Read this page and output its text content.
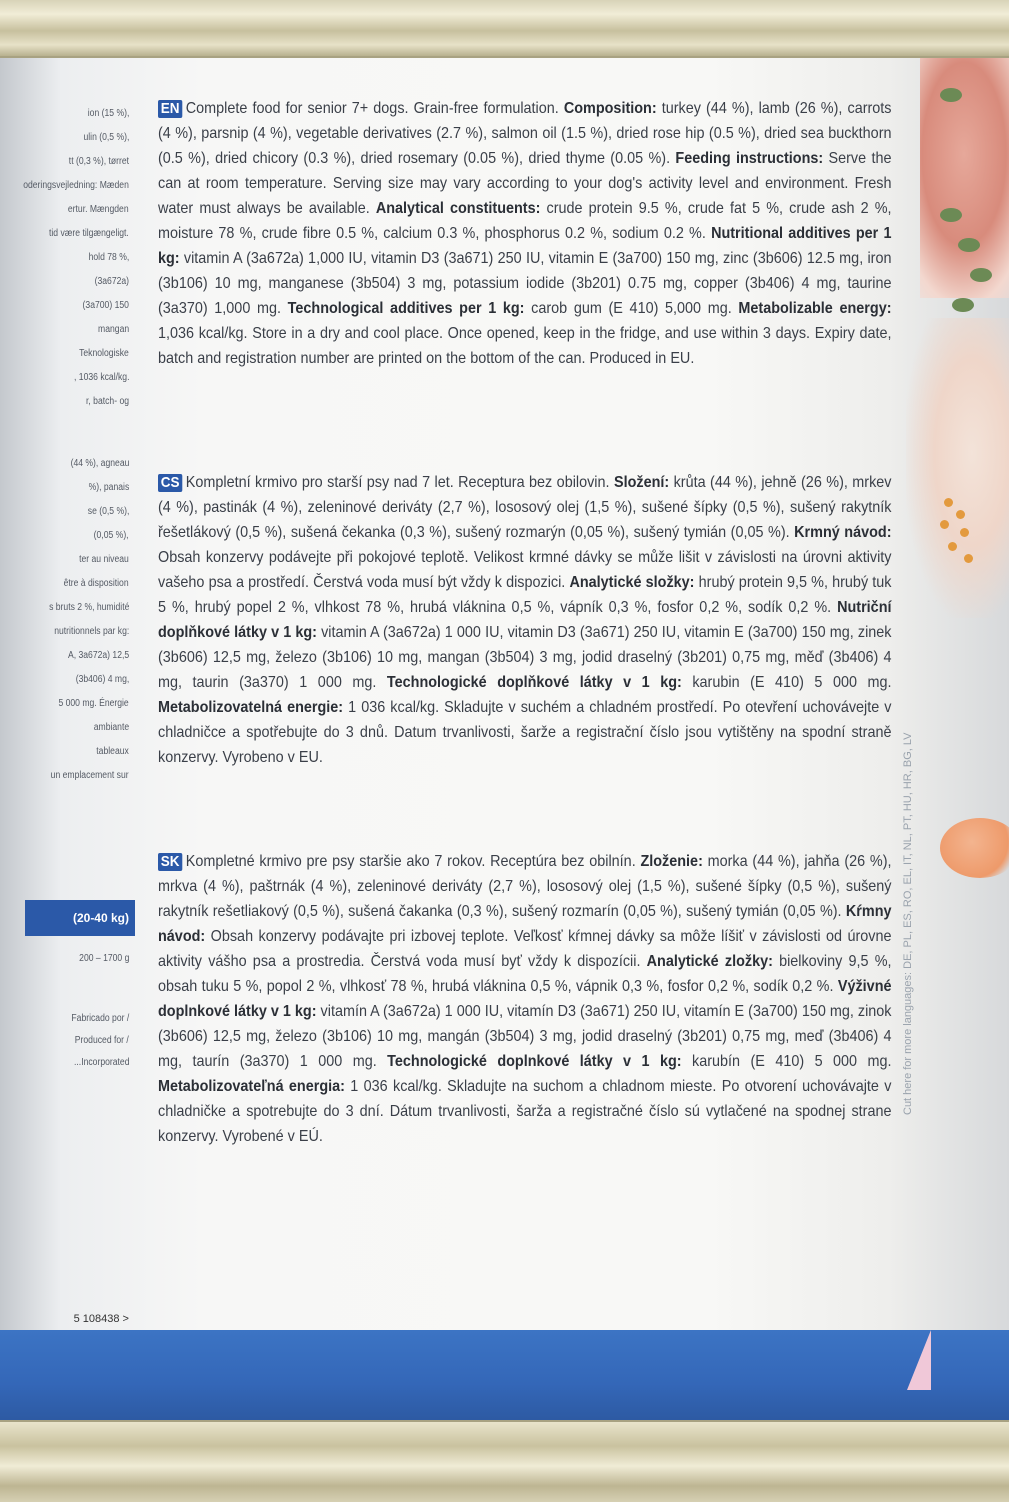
(20-40 kg)
ion (15 %),
ulin (0,5 %),
tt (0,3 %), tørret
oderingsvejledning: Mæden
ertur. Mængden
tid være tilgængeligt.
hold 78 %,
(3a672a)
(3a700) 150
mangan
Teknologiske
, 1036 kcal/kg.
r, batch- og
(44 %), agneau
%), panais
se (0,5 %),
(0,05 %),
ter au niveau
être à disposition
s bruts 2 %, humidité
nutritionnels par kg:
A, 3a672a) 12,5
(3b406) 4 mg,
5 000 mg. Énergie
ambiante
tableaux
un emplacement sur
200 – 1700 g
Fabricado por /
Produced for /
...Incorporated
5 108438 >
Cut here for more languages: DE, PL, ES, RO, EL, IT, NL, PT, HU, HR, BG, LV

EN Complete food for senior 7+ dogs. Grain-free formulation. Composition: turkey (44 %), lamb (26 %), carrots (4 %), parsnip (4 %), vegetable derivatives (2.7 %), salmon oil (1.5 %), dried rose hip (0.5 %), dried sea buckthorn (0.5 %), dried chicory (0.3 %), dried rosemary (0.05 %), dried thyme (0.05 %). Feeding instructions: Serve the can at room temperature. Serving size may vary according to your dog's activity level and environment. Fresh water must always be available. Analytical constituents: crude protein 9.5 %, crude fat 5 %, crude ash 2 %, moisture 78 %, crude fibre 0.5 %, calcium 0.3 %, phosphorus 0.2 %, sodium 0.2 %. Nutritional additives per 1 kg: vitamin A (3a672a) 1,000 IU, vitamin D3 (3a671) 250 IU, vitamin E (3a700) 150 mg, zinc (3b606) 12.5 mg, iron (3b106) 10 mg, manganese (3b504) 3 mg, potassium iodide (3b201) 0.75 mg, copper (3b406) 4 mg, taurine (3a370) 1,000 mg. Technological additives per 1 kg: carob gum (E 410) 5,000 mg. Metabolizable energy: 1,036 kcal/kg. Store in a dry and cool place. Once opened, keep in the fridge, and use within 3 days. Expiry date, batch and registration number are printed on the bottom of the can. Produced in EU.

CS Kompletní krmivo pro starší psy nad 7 let. Receptura bez obilovin. Složení: krůta (44 %), jehně (26 %), mrkev (4 %), pastinák (4 %), zeleninové deriváty (2,7 %), lososový olej (1,5 %), sušené šípky (0,5 %), sušený rakytník řešetlákový (0,5 %), sušená čekanka (0,3 %), sušený rozmarýn (0,05 %), sušený tymián (0,05 %). Krmný návod: Obsah konzervy podávejte při pokojové teplotě. Velikost krmné dávky se může lišit v závislosti na úrovni aktivity vašeho psa a prostředí. Čerstvá voda musí být vždy k dispozici. Analytické složky: hrubý protein 9,5 %, hrubý tuk 5 %, hrubý popel 2 %, vlhkost 78 %, hrubá vláknina 0,5 %, vápník 0,3 %, fosfor 0,2 %, sodík 0,2 %. Nutriční doplňkové látky v 1 kg: vitamin A (3a672a) 1 000 IU, vitamin D3 (3a671) 250 IU, vitamin E (3a700) 150 mg, zinek (3b606) 12,5 mg, železo (3b106) 10 mg, mangan (3b504) 3 mg, jodid draselný (3b201) 0,75 mg, měď (3b406) 4 mg, taurin (3a370) 1 000 mg. Technologické doplňkové látky v 1 kg: karubin (E 410) 5 000 mg. Metabolizovatelná energie: 1 036 kcal/kg. Skladujte v suchém a chladném prostředí. Po otevření uchovávejte v chladničce a spotřebujte do 3 dnů. Datum trvanlivosti, šarže a registrační číslo jsou vytištěny na spodní straně konzervy. Vyrobeno v EU.

SK Kompletné krmivo pre psy staršie ako 7 rokov. Receptúra bez obilnín. Zloženie: morka (44 %), jahňa (26 %), mrkva (4 %), paštrnák (4 %), zeleninové deriváty (2,7 %), lososový olej (1,5 %), sušené šípky (0,5 %), sušený rakytník rešetliakový (0,5 %), sušená čakanka (0,3 %), sušený rozmarín (0,05 %), sušený tymián (0,05 %). Kŕmny návod: Obsah konzervy podávajte pri izbovej teplote. Veľkosť kŕmnej dávky sa môže líšiť v závislosti od úrovne aktivity vášho psa a prostredia. Čerstvá voda musí byť vždy k dispozícii. Analytické zložky: bielkoviny 9,5 %, obsah tuku 5 %, popol 2 %, vlhkosť 78 %, hrubá vláknina 0,5 %, vápnik 0,3 %, fosfor 0,2 %, sodík 0,2 %. Výživné doplnkové látky v 1 kg: vitamín A (3a672a) 1 000 IU, vitamín D3 (3a671) 250 IU, vitamín E (3a700) 150 mg, zinok (3b606) 12,5 mg, železo (3b106) 10 mg, mangán (3b504) 3 mg, jodid draselný (3b201) 0,75 mg, meď (3b406) 4 mg, taurín (3a370) 1 000 mg. Technologické doplnkové látky v 1 kg: karubín (E 410) 5 000 mg. Metabolizovateľná energia: 1 036 kcal/kg. Skladujte na suchom a chladnom mieste. Po otvorení uchovávajte v chladničke a spotrebujte do 3 dní. Dátum trvanlivosti, šarža a registračné číslo sú vytlačené na spodnej strane konzervy. Vyrobené v EÚ.
